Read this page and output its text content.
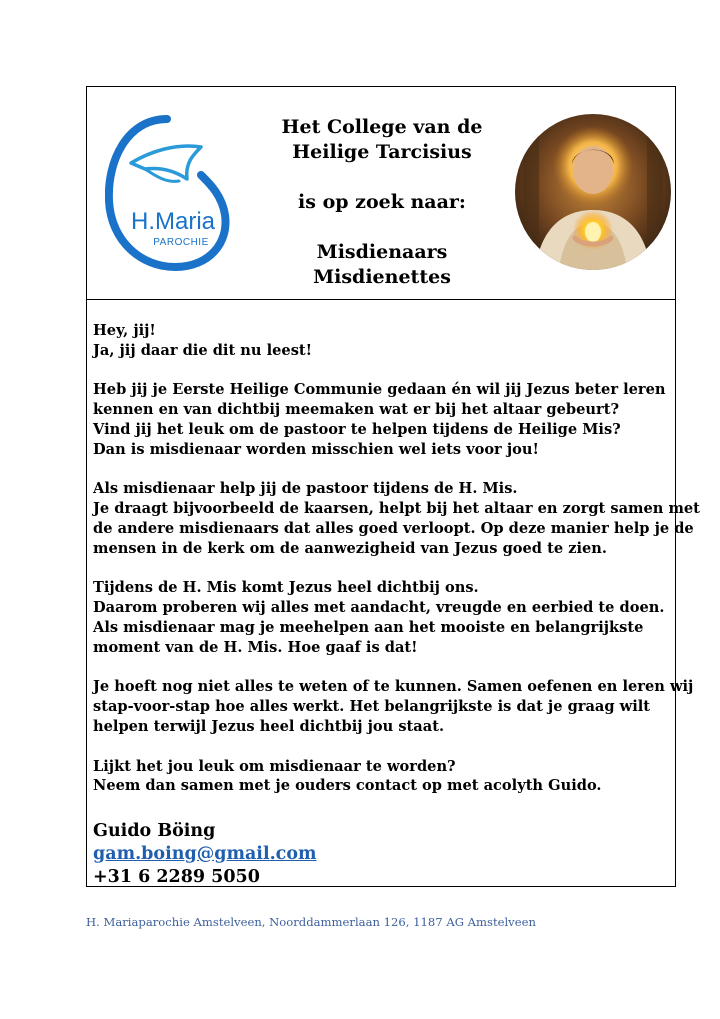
H.Maria
PAROCHIE
Het College van de
Heilige Tarcisius
is op zoek naar:
Misdienaars
Misdienettes

Hey, jij!
Ja, jij daar die dit nu leest!

Heb jij je Eerste Heilige Communie gedaan én wil jij Jezus beter leren
kennen en van dichtbij meemaken wat er bij het altaar gebeurt?
Vind jij het leuk om de pastoor te helpen tijdens de Heilige Mis?
Dan is misdienaar worden misschien wel iets voor jou!

Als misdienaar help jij de pastoor tijdens de H. Mis.
Je draagt bijvoorbeeld de kaarsen, helpt bij het altaar en zorgt samen met
de andere misdienaars dat alles goed verloopt. Op deze manier help je de
mensen in de kerk om de aanwezigheid van Jezus goed te zien.

Tijdens de H. Mis komt Jezus heel dichtbij ons.
Daarom proberen wij alles met aandacht, vreugde en eerbied te doen.
Als misdienaar mag je meehelpen aan het mooiste en belangrijkste
moment van de H. Mis. Hoe gaaf is dat!

Je hoeft nog niet alles te weten of te kunnen. Samen oefenen en leren wij
stap-voor-stap hoe alles werkt. Het belangrijkste is dat je graag wilt
helpen terwijl Jezus heel dichtbij jou staat.

Lijkt het jou leuk om misdienaar te worden?
Neem dan samen met je ouders contact op met acolyth Guido.

Guido Böing
gam.boing@gmail.com
+31 6 2289 5050
H. Mariaparochie Amstelveen, Noorddammerlaan 126, 1187 AG Amstelveen
